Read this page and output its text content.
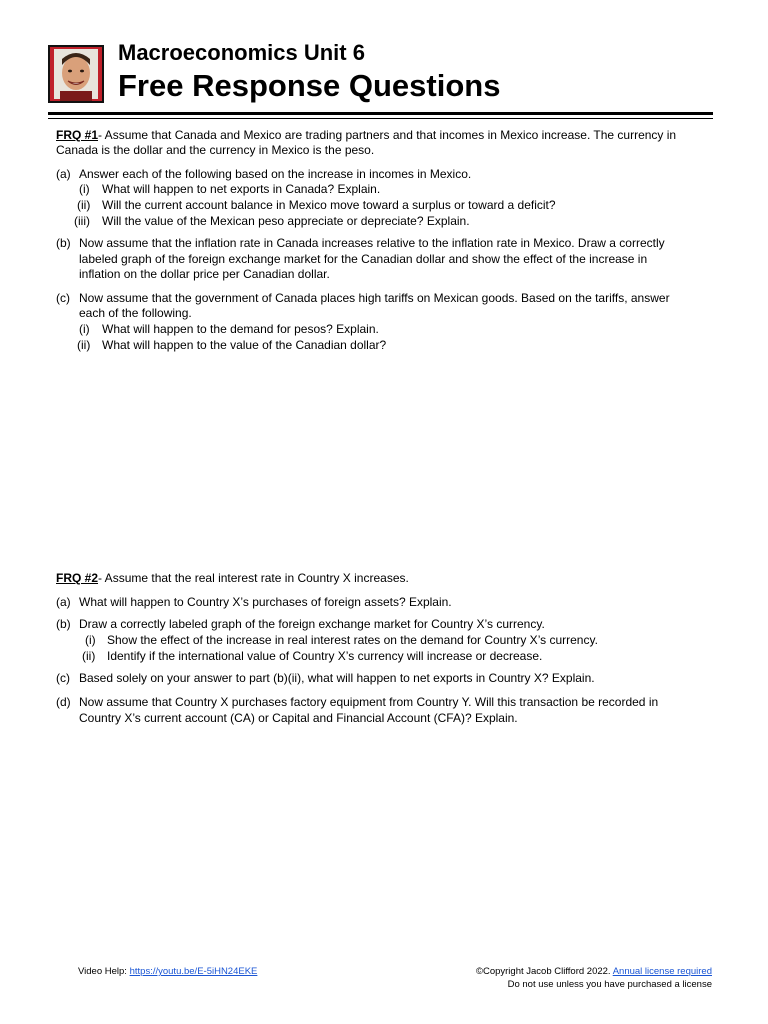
Macroeconomics Unit 6
Free Response Questions
FRQ #1- Assume that Canada and Mexico are trading partners and that incomes in Mexico increase. The currency in
Canada is the dollar and the currency in Mexico is the peso.
(a) Answer each of the following based on the increase in incomes in Mexico.
(i) What will happen to net exports in Canada? Explain.
(ii) Will the current account balance in Mexico move toward a surplus or toward a deficit?
(iii) Will the value of the Mexican peso appreciate or depreciate? Explain.
(b) Now assume that the inflation rate in Canada increases relative to the inflation rate in Mexico. Draw a correctly
labeled graph of the foreign exchange market for the Canadian dollar and show the effect of the increase in
inflation on the dollar price per Canadian dollar.
(c) Now assume that the government of Canada places high tariffs on Mexican goods. Based on the tariffs, answer
each of the following.
(i) What will happen to the demand for pesos? Explain.
(ii) What will happen to the value of the Canadian dollar?
FRQ #2- Assume that the real interest rate in Country X increases.
(a) What will happen to Country X’s purchases of foreign assets? Explain.
(b) Draw a correctly labeled graph of the foreign exchange market for Country X’s currency.
(i) Show the effect of the increase in real interest rates on the demand for Country X’s currency.
(ii) Identify if the international value of Country X’s currency will increase or decrease.
(c) Based solely on your answer to part (b)(ii), what will happen to net exports in Country X? Explain.
(d) Now assume that Country X purchases factory equipment from Country Y. Will this transaction be recorded in
Country X’s current account (CA) or Capital and Financial Account (CFA)? Explain.
Video Help: https://youtu.be/E-5iHN24EKE	©Copyright Jacob Clifford 2022. Annual license required
Do not use unless you have purchased a license
